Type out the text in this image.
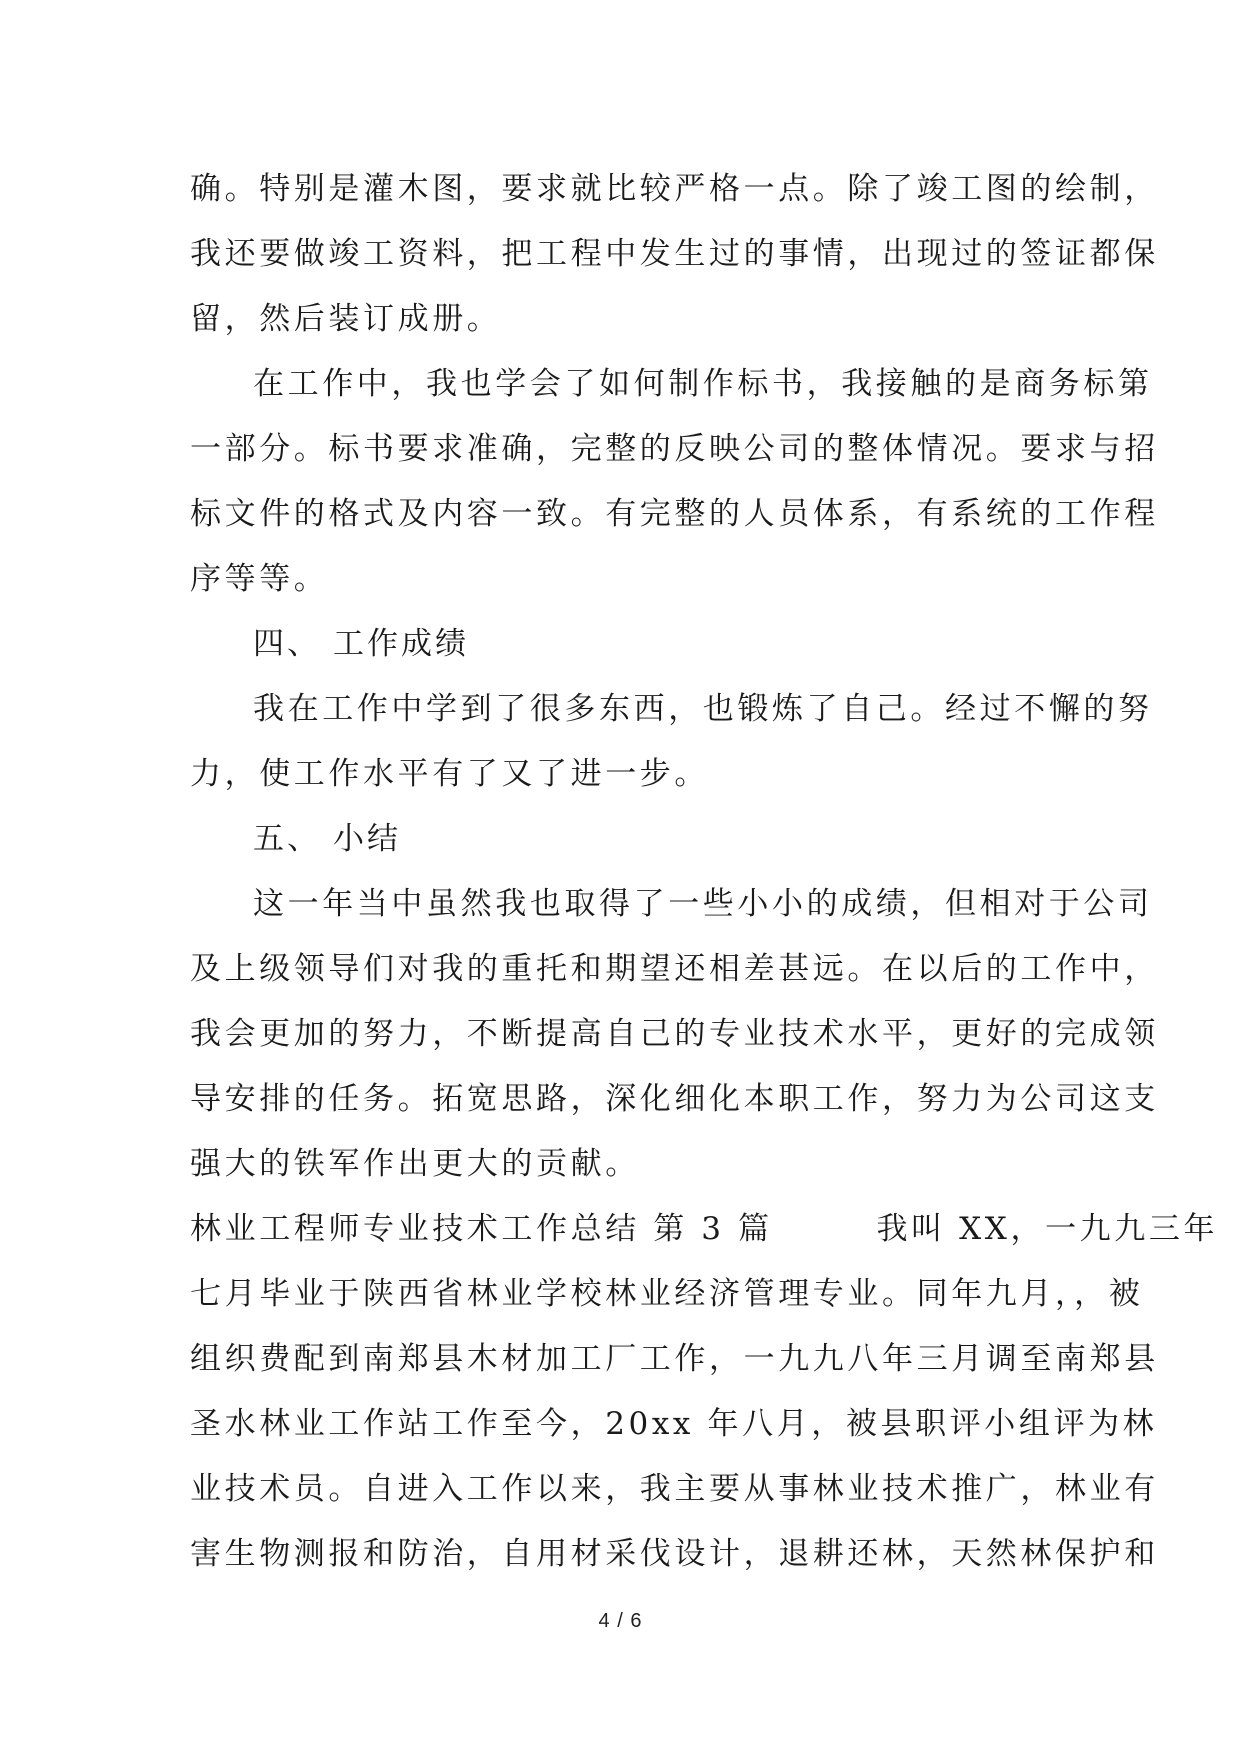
确。特别是灌木图，要求就比较严格一点。除了竣工图的绘制，
我还要做竣工资料，把工程中发生过的事情，出现过的签证都保
留，然后装订成册。
在工作中，我也学会了如何制作标书，我接触的是商务标第
一部分。标书要求准确，完整的反映公司的整体情况。要求与招
标文件的格式及内容一致。有完整的人员体系，有系统的工作程
序等等。
四、 工作成绩
我在工作中学到了很多东西，也锻炼了自己。经过不懈的努
力，使工作水平有了又了进一步。
五、 小结
这一年当中虽然我也取得了一些小小的成绩，但相对于公司
及上级领导们对我的重托和期望还相差甚远。在以后的工作中，
我会更加的努力，不断提高自己的专业技术水平，更好的完成领
导安排的任务。拓宽思路，深化细化本职工作，努力为公司这支
强大的铁军作出更大的贡献。
林业工程师专业技术工作总结 第 3 篇　　　我叫 XX，一九九三年
七月毕业于陕西省林业学校林业经济管理专业。同年九月，，被
组织费配到南郑县木材加工厂工作，一九九八年三月调至南郑县
圣水林业工作站工作至今，20xx 年八月，被县职评小组评为林
业技术员。自进入工作以来，我主要从事林业技术推广，林业有
害生物测报和防治，自用材采伐设计，退耕还林，天然林保护和
4 / 6
